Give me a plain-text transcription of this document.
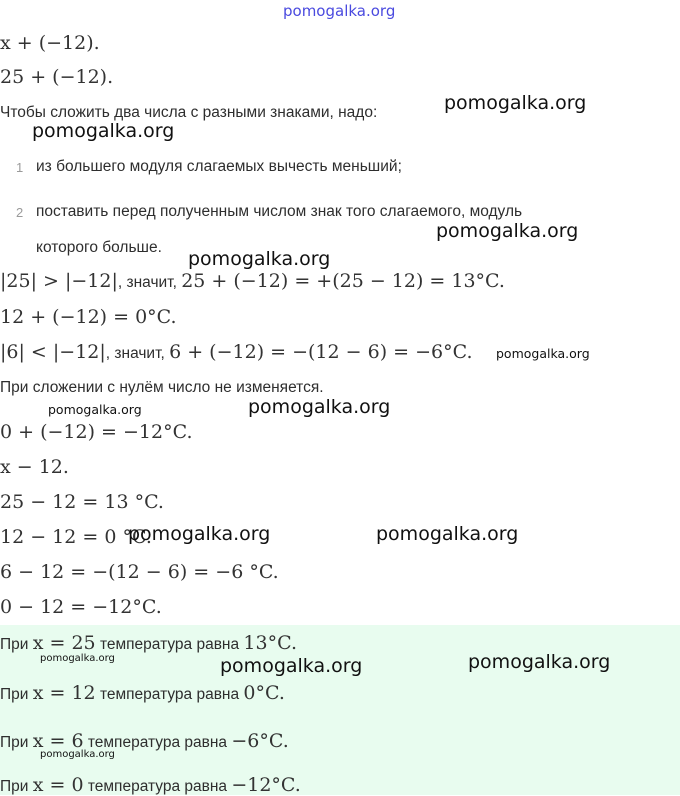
pomogalka.org
x + (−12).
25 + (−12).
Чтобы сложить два числа с разными знаками, надо:	pomogalka.org
pomogalka.org
1 из большего модуля слагаемых вычесть меньший;
2 поставить перед полученным числом знак того слагаемого, модуль
которого больше.
pomogalka.org
pomogalka.org
|25| > |−12|, значит, 25 + (−12) = +(25 − 12) = 13°C.
12 + (−12) = 0°C.
|6| < |−12|, значит, 6 + (−12) = −(12 − 6) = −6°C. pomogalka.org
При сложении с нулём число не изменяется.
pomogalka.org	pomogalka.org
0 + (−12) = −12°C.
x − 12.
25 − 12 = 13 °C.
12 − 12 = 0 °C.
pomogalka.org	pomogalka.org
6 − 12 = −(12 − 6) = −6 °C.
0 − 12 = −12°C.
При x = 25 температура равна 13°C.
pomogalka.org	pomogalka.org	pomogalka.org
При x = 12 температура равна 0°C.
При x = 6 температура равна −6°C.
pomogalka.org
При x = 0 температура равна −12°C.
